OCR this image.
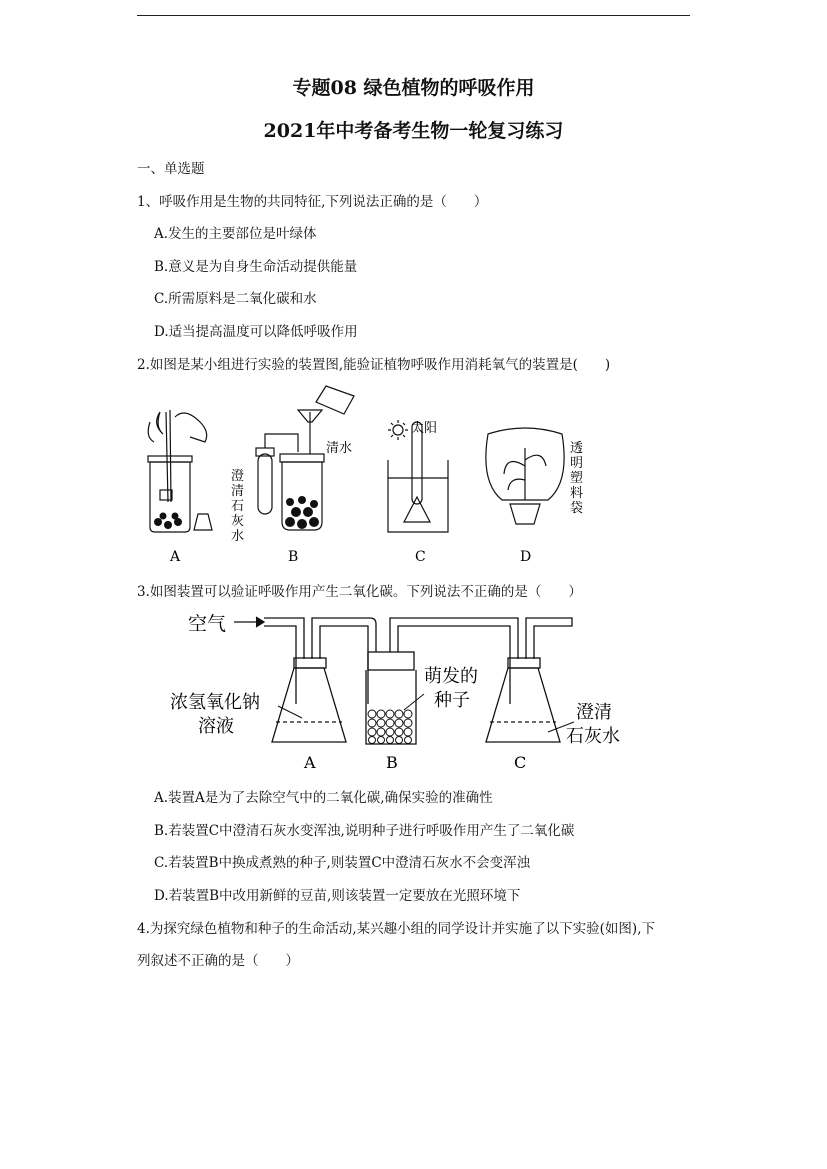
专题08 绿色植物的呼吸作用
2021年中考备考生物一轮复习练习
一、单选题
1、呼吸作用是生物的共同特征,下列说法正确的是（　　）
A.发生的主要部位是叶绿体
B.意义是为自身生命活动提供能量
C.所需原料是二氧化碳和水
D.适当提高温度可以降低呼吸作用
2.如图是某小组进行实验的装置图,能验证植物呼吸作用消耗氧气的装置是(　　)
澄
清
石
灰
水
清水
太阳
透
明
塑
料
袋
A	B	C	D
3.如图装置可以验证呼吸作用产生二氧化碳。下列说法不正确的是（　　）
空气
浓氢氧化钠
溶液
萌发的
种子
澄清
石灰水
A	B	C
A.装置A是为了去除空气中的二氧化碳,确保实验的准确性
B.若装置C中澄清石灰水变浑浊,说明种子进行呼吸作用产生了二氧化碳
C.若装置B中换成煮熟的种子,则装置C中澄清石灰水不会变浑浊
D.若装置B中改用新鲜的豆苗,则该装置一定要放在光照环境下
4.为探究绿色植物和种子的生命活动,某兴趣小组的同学设计并实施了以下实验(如图),下
列叙述不正确的是（　　）
